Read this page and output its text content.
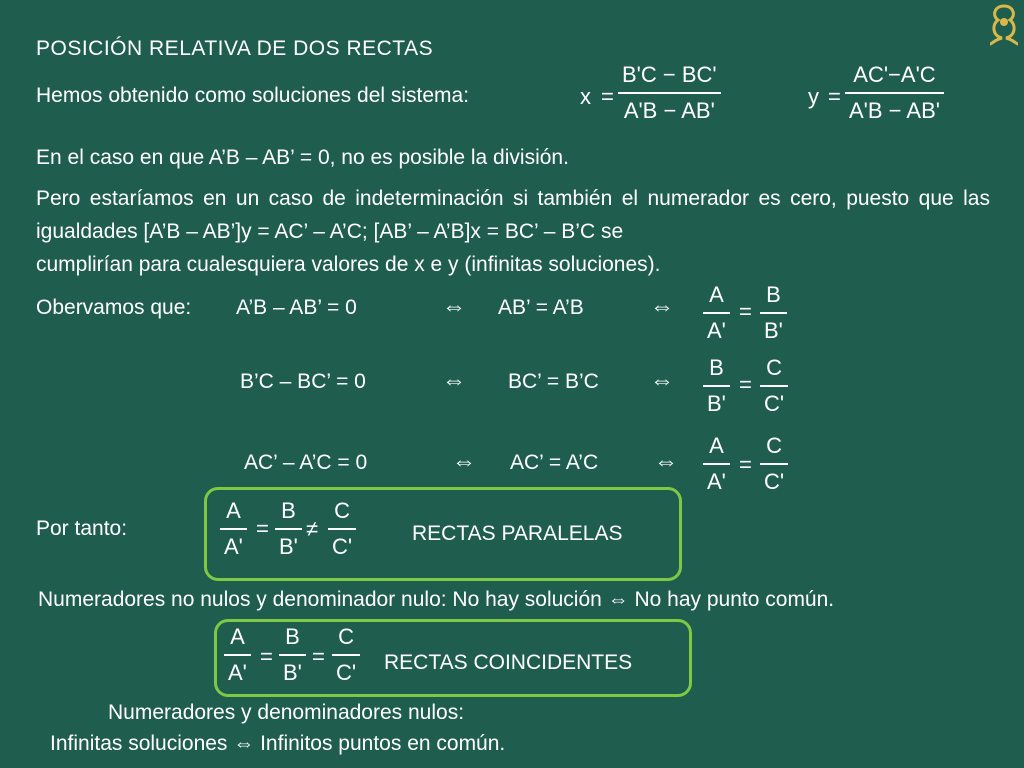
POSICIÓN RELATIVA DE DOS RECTAS
Hemos obtenido como soluciones del sistema:	x =
B'C − BC'
A'B − AB'
y =
AC'−A'C
A'B − AB'
En el caso en que A’B – AB’ = 0, no es posible la división.
Pero estaríamos en un caso de indeterminación si también el numerador es cero, puesto que las igualdades [A’B – AB’]y = AC’ – A’C; [AB’ – A’B]x = BC’ – B’C se
cumplirían para cualesquiera valores de x e y (infinitas soluciones).
Obervamos que: A’B – AB’ = 0	⇔ AB’ = A’B	⇔ A
A'
=
B
B'
B’C – BC’ = 0	⇔ BC’ = B’C ⇔ B
B'
=
C
C'
AC’ – A’C = 0	⇔ AC’ = A’C ⇔
A
A'
=
C
C'
Por tanto:
A
A'
=
B
B'
≠
C
C'	RECTAS PARALELAS
Numeradores no nulos y denominador nulo: No hay solución ⇔ No hay punto común.
A
A'
=
B
B'
=
C
C' RECTAS COINCIDENTES
Numeradores y denominadores nulos:
Infinitas soluciones ⇔ Infinitos puntos en común.
